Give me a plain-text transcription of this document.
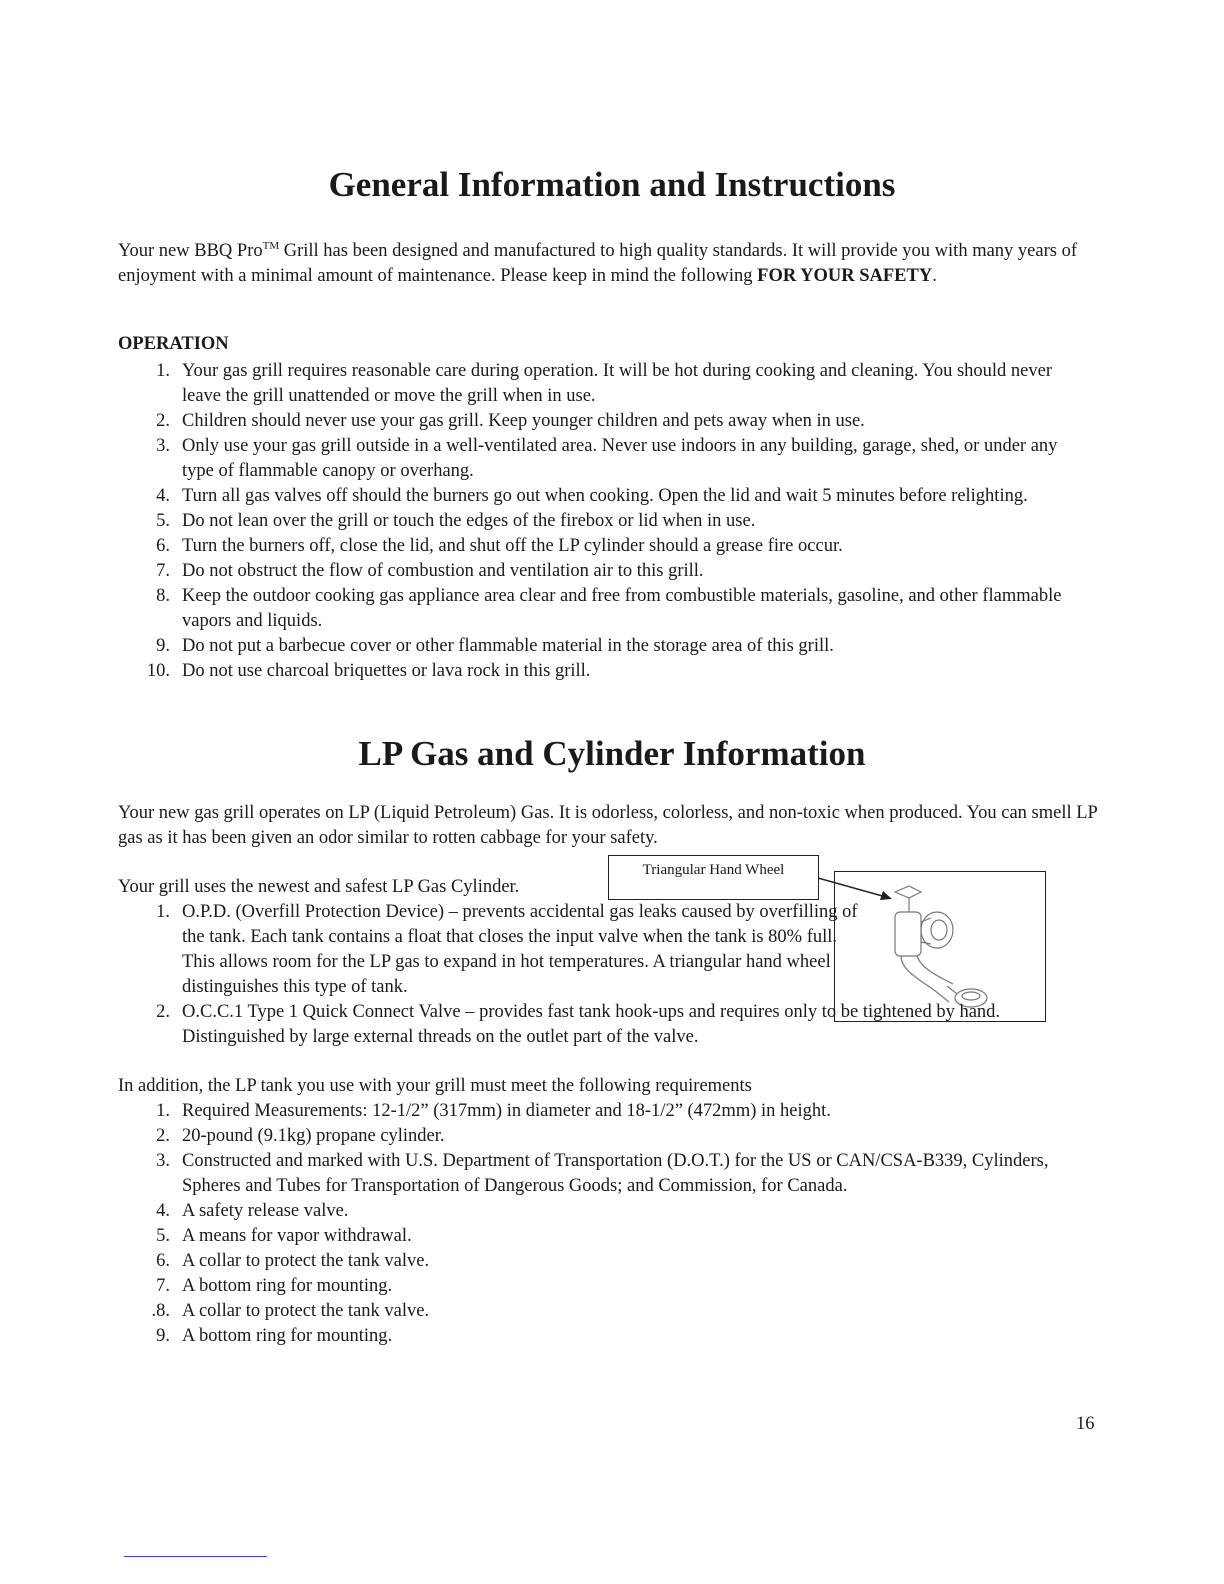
General Information and Instructions

Your new BBQ Pro™ Grill has been designed and manufactured to high quality standards. It will provide you with many years of enjoyment with a minimal amount of maintenance. Please keep in mind the following FOR YOUR SAFETY.

OPERATION
1. Your gas grill requires reasonable care during operation. It will be hot during cooking and cleaning. You should never leave the grill unattended or move the grill when in use.
2. Children should never use your gas grill. Keep younger children and pets away when in use.
3. Only use your gas grill outside in a well-ventilated area. Never use indoors in any building, garage, shed, or under any type of flammable canopy or overhang.
4. Turn all gas valves off should the burners go out when cooking. Open the lid and wait 5 minutes before relighting.
5. Do not lean over the grill or touch the edges of the firebox or lid when in use.
6. Turn the burners off, close the lid, and shut off the LP cylinder should a grease fire occur.
7. Do not obstruct the flow of combustion and ventilation air to this grill.
8. Keep the outdoor cooking gas appliance area clear and free from combustible materials, gasoline, and other flammable vapors and liquids.
9. Do not put a barbecue cover or other flammable material in the storage area of this grill.
10. Do not use charcoal briquettes or lava rock in this grill.
LP Gas and Cylinder Information

Your new gas grill operates on LP (Liquid Petroleum) Gas. It is odorless, colorless, and non-toxic when produced. You can smell LP gas as it has been given an odor similar to rotten cabbage for your safety.

Triangular Hand Wheel
Your grill uses the newest and safest LP Gas Cylinder.
1. O.P.D. (Overfill Protection Device) – prevents accidental gas leaks caused by overfilling of the tank. Each tank contains a float that closes the input valve when the tank is 80% full. This allows room for the LP gas to expand in hot temperatures. A triangular hand wheel distinguishes this type of tank.
2. O.C.C.1 Type 1 Quick Connect Valve – provides fast tank hook-ups and requires only to be tightened by hand. Distinguished by large external threads on the outlet part of the valve.
In addition, the LP tank you use with your grill must meet the following requirements
1. Required Measurements: 12-1/2” (317mm) in diameter and 18-1/2” (472mm) in height.
2. 20-pound (9.1kg) propane cylinder.
3. Constructed and marked with U.S. Department of Transportation (D.O.T.) for the US or CAN/CSA-B339, Cylinders, Spheres and Tubes for Transportation of Dangerous Goods; and Commission, for Canada.
4. A safety release valve.
5. A means for vapor withdrawal.
6. A collar to protect the tank valve.
7. A bottom ring for mounting.
.8. A collar to protect the tank valve.
9. A bottom ring for mounting.
16
